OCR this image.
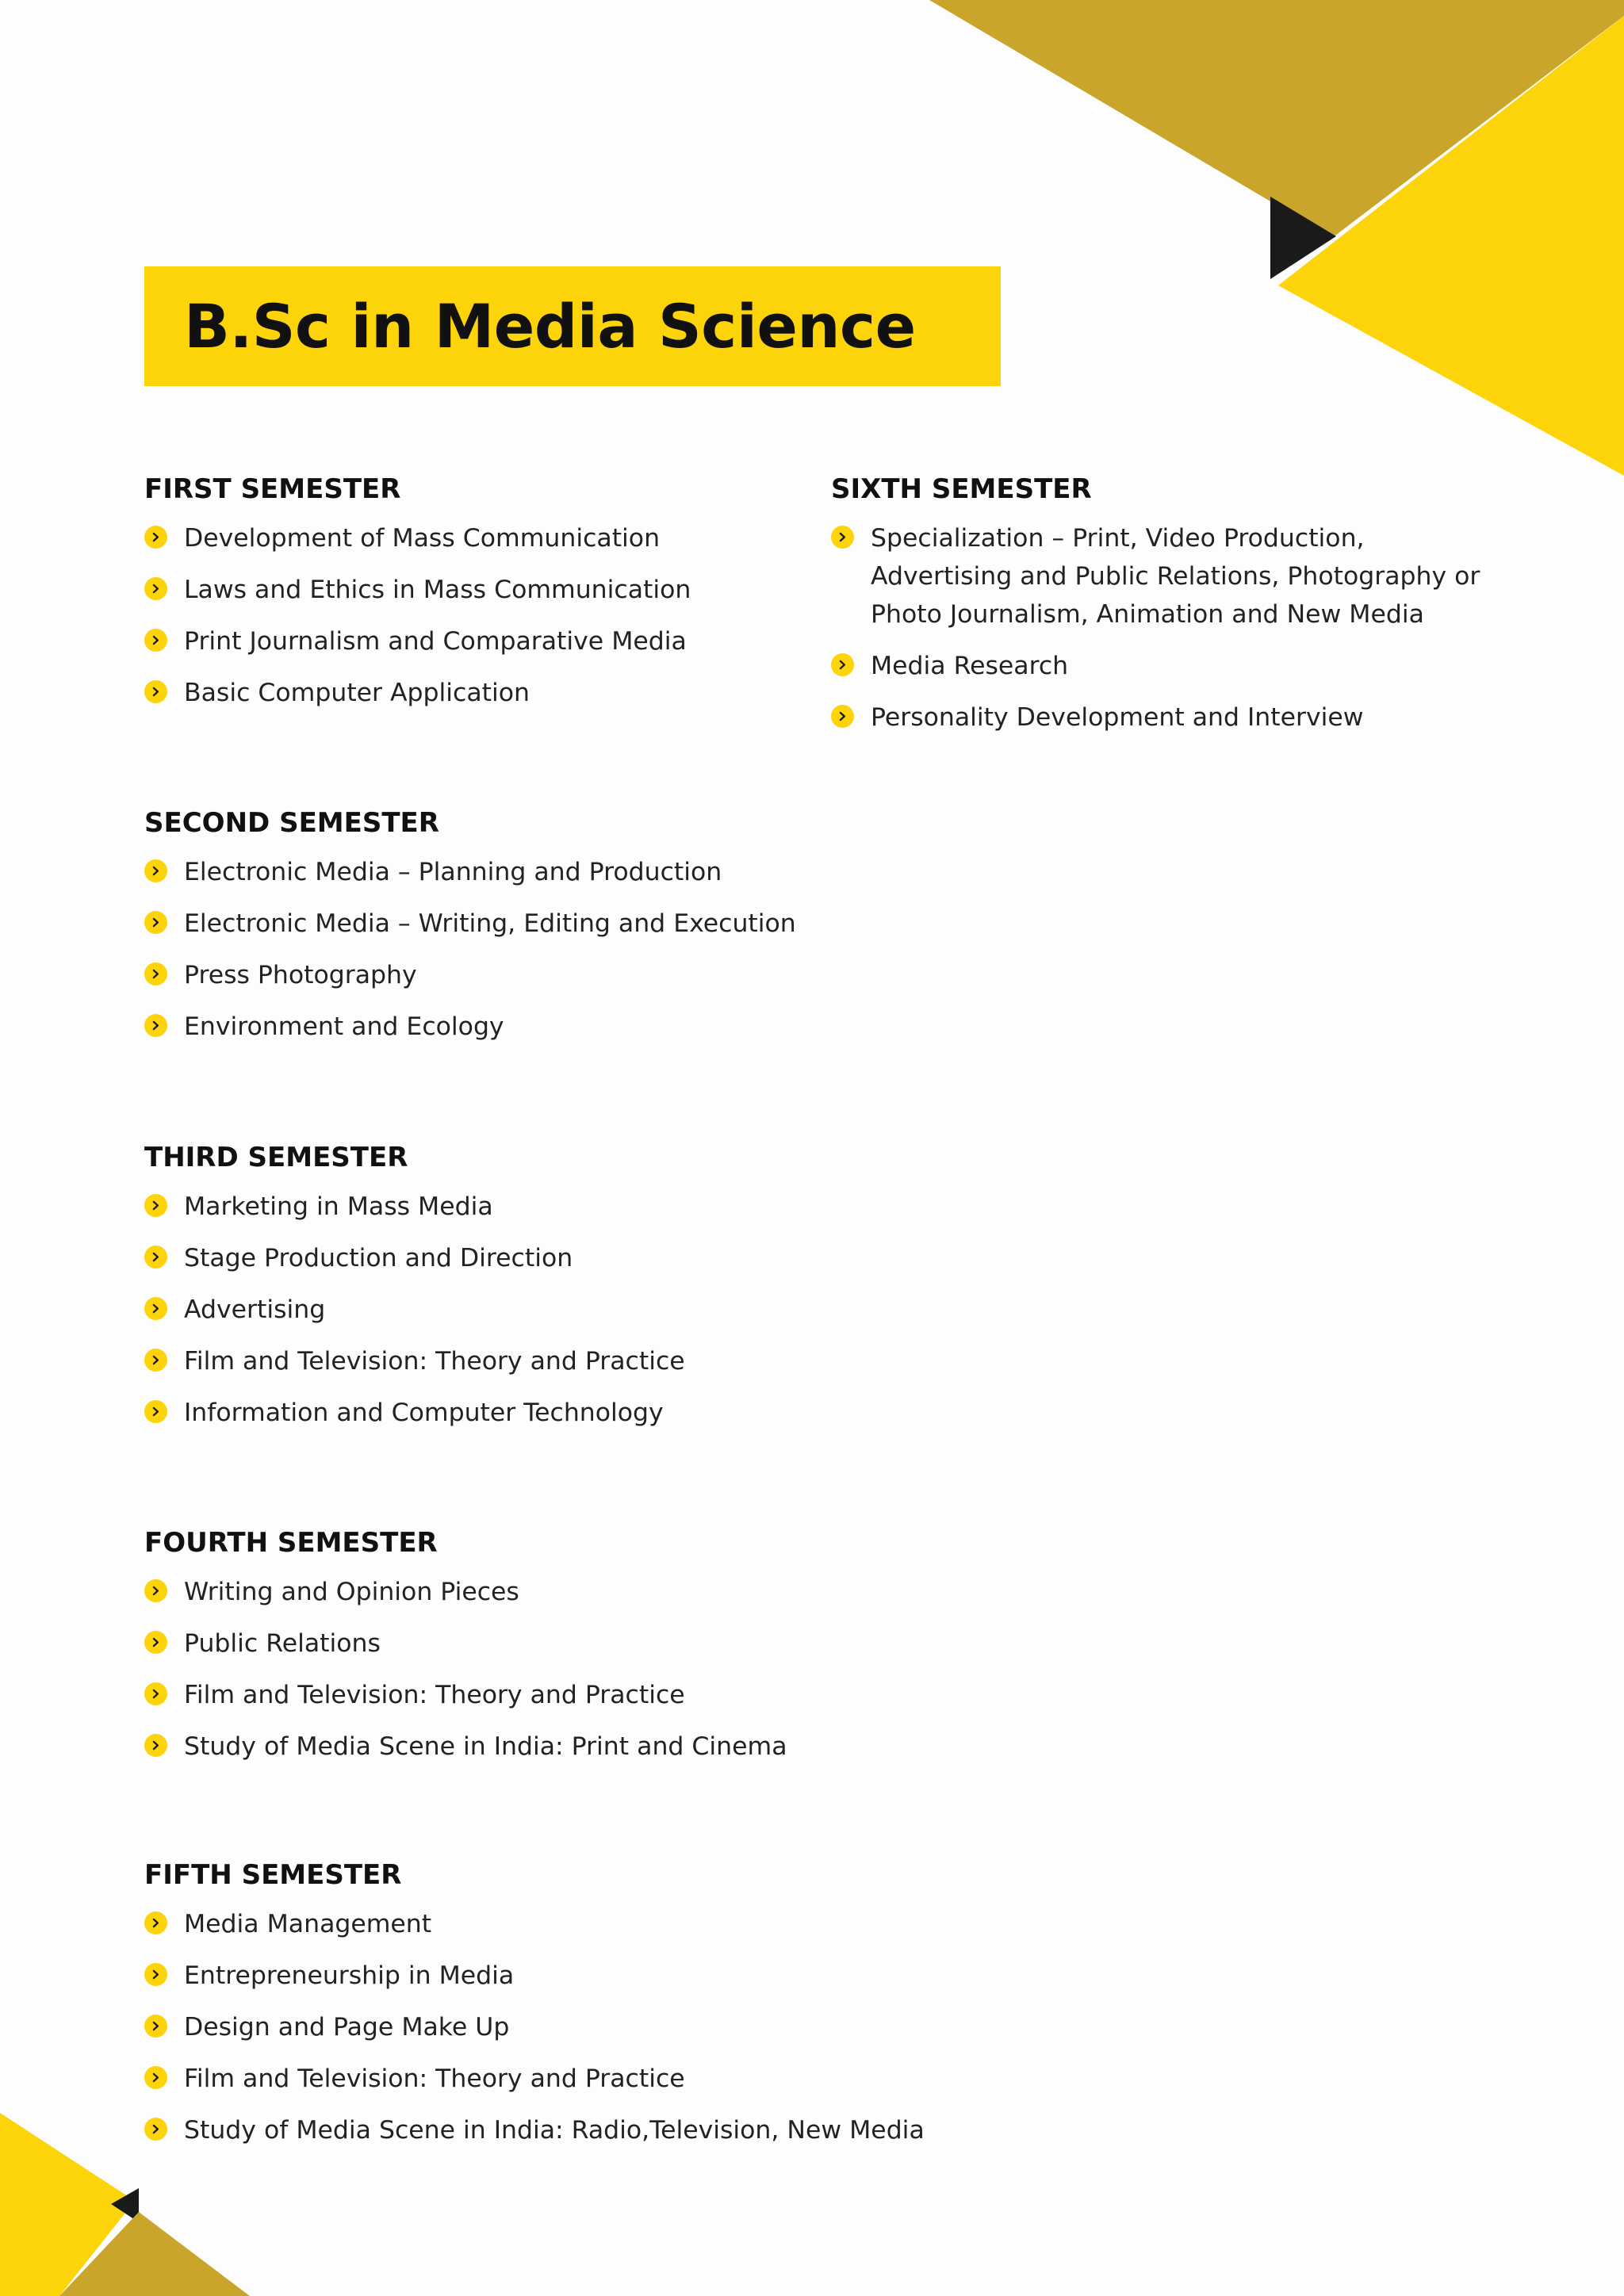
B.Sc in Media Science
FIRST SEMESTER
Development of Mass Communication
Laws and Ethics in Mass Communication
Print Journalism and Comparative Media
Basic Computer Application
SECOND SEMESTER
Electronic Media – Planning and Production
Electronic Media – Writing, Editing and Execution
Press Photography
Environment and Ecology
THIRD SEMESTER
Marketing in Mass Media
Stage Production and Direction
Advertising
Film and Television: Theory and Practice
Information and Computer Technology
FOURTH SEMESTER
Writing and Opinion Pieces
Public Relations
Film and Television: Theory and Practice
Study of Media Scene in India: Print and Cinema
FIFTH SEMESTER
Media Management
Entrepreneurship in Media
Design and Page Make Up
Film and Television: Theory and Practice
Study of Media Scene in India: Radio,Television, New Media
SIXTH SEMESTER
Specialization – Print, Video Production, Advertising and Public Relations, Photography or Photo Journalism, Animation and New Media
Media Research
Personality Development and Interview
